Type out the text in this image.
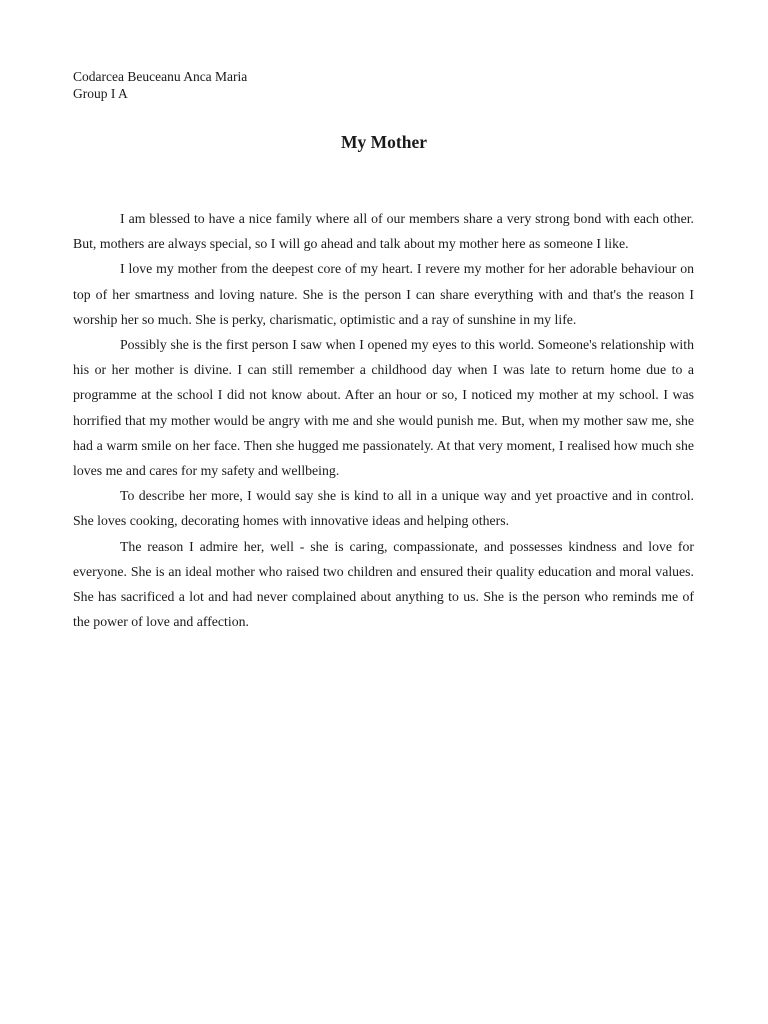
Codarcea Beuceanu Anca Maria
Group I A
My Mother

I am blessed to have a nice family where all of our members share a very strong bond with each other. But, mothers are always special, so I will go ahead and talk about my mother here as someone I like.

I love my mother from the deepest core of my heart. I revere my mother for her adorable behaviour on top of her smartness and loving nature. She is the person I can share everything with and that's the reason I worship her so much. She is perky, charismatic, optimistic and a ray of sunshine in my life.

Possibly she is the first person I saw when I opened my eyes to this world. Someone's relationship with his or her mother is divine. I can still remember a childhood day when I was late to return home due to a programme at the school I did not know about. After an hour or so, I noticed my mother at my school. I was horrified that my mother would be angry with me and she would punish me. But, when my mother saw me, she had a warm smile on her face. Then she hugged me passionately. At that very moment, I realised how much she loves me and cares for my safety and wellbeing.

To describe her more, I would say she is kind to all in a unique way and yet proactive and in control. She loves cooking, decorating homes with innovative ideas and helping others.

The reason I admire her, well - she is caring, compassionate, and possesses kindness and love for everyone. She is an ideal mother who raised two children and ensured their quality education and moral values. She has sacrificed a lot and had never complained about anything to us. She is the person who reminds me of the power of love and affection.
